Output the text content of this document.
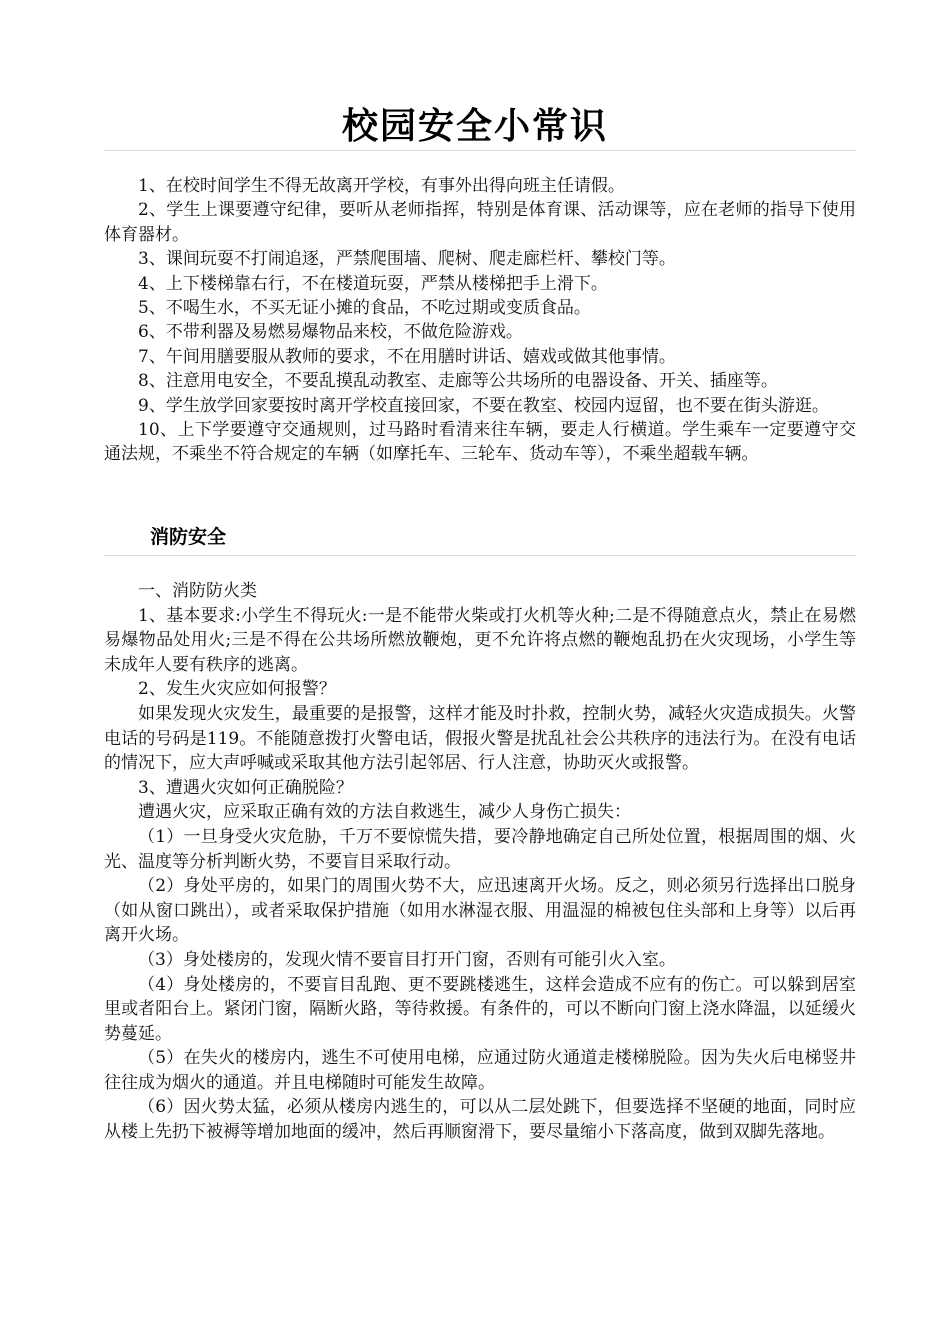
校园安全小常识

1、在校时间学生不得无故离开学校，有事外出得向班主任请假。

2、学生上课要遵守纪律，要听从老师指挥，特别是体育课、活动课等，应在老师的指导下使用体育器材。

3、课间玩耍不打闹追逐，严禁爬围墙、爬树、爬走廊栏杆、攀校门等。

4、上下楼梯靠右行，不在楼道玩耍，严禁从楼梯把手上滑下。

5、不喝生水，不买无证小摊的食品，不吃过期或变质食品。

6、不带利器及易燃易爆物品来校，不做危险游戏。

7、午间用膳要服从教师的要求，不在用膳时讲话、嬉戏或做其他事情。

8、注意用电安全，不要乱摸乱动教室、走廊等公共场所的电器设备、开关、插座等。

9、学生放学回家要按时离开学校直接回家，不要在教室、校园内逗留，也不要在街头游逛。

10、上下学要遵守交通规则，过马路时看清来往车辆，要走人行横道。学生乘车一定要遵守交通法规，不乘坐不符合规定的车辆（如摩托车、三轮车、货动车等），不乘坐超载车辆。

消防安全

一、消防防火类

1、基本要求:小学生不得玩火:一是不能带火柴或打火机等火种;二是不得随意点火，禁止在易燃易爆物品处用火;三是不得在公共场所燃放鞭炮，更不允许将点燃的鞭炮乱扔在火灾现场，小学生等未成年人要有秩序的逃离。

2、发生火灾应如何报警？

如果发现火灾发生，最重要的是报警，这样才能及时扑救，控制火势，减轻火灾造成损失。火警电话的号码是119。不能随意拨打火警电话，假报火警是扰乱社会公共秩序的违法行为。在没有电话的情况下，应大声呼喊或采取其他方法引起邻居、行人注意，协助灭火或报警。

3、遭遇火灾如何正确脱险？

遭遇火灾，应采取正确有效的方法自救逃生，减少人身伤亡损失：

（1）一旦身受火灾危胁，千万不要惊慌失措，要冷静地确定自己所处位置，根据周围的烟、火光、温度等分析判断火势，不要盲目采取行动。

（2）身处平房的，如果门的周围火势不大，应迅速离开火场。反之，则必须另行选择出口脱身（如从窗口跳出），或者采取保护措施（如用水淋湿衣服、用温湿的棉被包住头部和上身等）以后再离开火场。

（3）身处楼房的，发现火情不要盲目打开门窗，否则有可能引火入室。

（4）身处楼房的，不要盲目乱跑、更不要跳楼逃生，这样会造成不应有的伤亡。可以躲到居室里或者阳台上。紧闭门窗，隔断火路，等待救援。有条件的，可以不断向门窗上浇水降温，以延缓火势蔓延。

（5）在失火的楼房内，逃生不可使用电梯，应通过防火通道走楼梯脱险。因为失火后电梯竖井往往成为烟火的通道。并且电梯随时可能发生故障。

（6）因火势太猛，必须从楼房内逃生的，可以从二层处跳下，但要选择不坚硬的地面，同时应从楼上先扔下被褥等增加地面的缓冲，然后再顺窗滑下，要尽量缩小下落高度，做到双脚先落地。
